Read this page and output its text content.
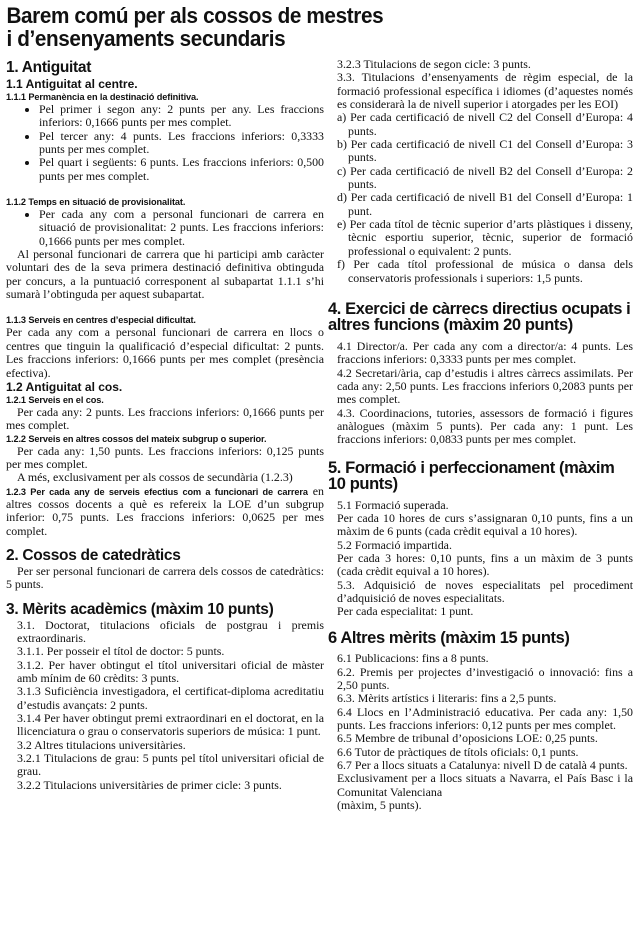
Barem comú per als cossos de mestres
i d’ensenyaments secundaris
1. Antiguitat
1.1 Antiguitat al centre.
1.1.1 Permanència en la destinació definitiva.
• Pel primer i segon any: 2 punts per any. Les fraccions inferiors: 0,1666 punts per mes complet.
• Pel tercer any: 4 punts. Les fraccions inferiors: 0,3333 punts per mes complet.
• Pel quart i següents: 6 punts. Les fraccions inferiors: 0,500 punts per mes complet.
1.1.2 Temps en situació de provisionalitat.
• Per cada any com a personal funcionari de carrera en situació de provisionalitat: 2 punts. Les fraccions inferiors: 0,1666 punts per mes complet.

Al personal funcionari de carrera que hi participi amb caràcter voluntari des de la seva primera destinació definitiva obtinguda per concurs, a la puntuació corresponent al subapartat 1.1.1 s’hi sumarà l’obtinguda per aquest subapartat.

1.1.3 Serveis en centres d’especial dificultat.

Per cada any com a personal funcionari de carrera en llocs o centres que tinguin la qualificació d’especial dificultat: 2 punts. Les fraccions inferiors: 0,1666 punts per mes complet (presència efectiva).

1.2 Antiguitat al cos.
1.2.1 Serveis en el cos.

Per cada any: 2 punts. Les fraccions inferiors: 0,1666 punts per mes complet.

1.2.2 Serveis en altres cossos del mateix subgrup o superior.

Per cada any: 1,50 punts. Les fraccions inferiors: 0,125 punts per mes complet.

A més, exclusivament per als cossos de secundària (1.2.3)

1.2.3 Per cada any de serveis efectius com a funcionari de carrera en altres cossos docents a què es refereix la LOE d’un subgrup inferior: 0,75 punts. Les fraccions inferiors: 0,0625 per mes complet.

2. Cossos de catedràtics

Per ser personal funcionari de carrera dels cossos de catedràtics: 5 punts.

3. Mèrits acadèmics (màxim 10 punts)

3.1. Doctorat, titulacions oficials de postgrau i premis extraordinaris.

3.1.1. Per posseir el títol de doctor: 5 punts.

3.1.2. Per haver obtingut el títol universitari oficial de màster amb mínim de 60 crèdits: 3 punts.

3.1.3 Suficiència investigadora, el certificat-diploma acreditatiu d’estudis avançats: 2 punts.

3.1.4 Per haver obtingut premi extraordinari en el doctorat, en la llicenciatura o grau o conservatoris superiors de música: 1 punt.

3.2 Altres titulacions universitàries.

3.2.1 Titulacions de grau: 5 punts pel títol universitari oficial de grau.

3.2.2 Titulacions universitàries de primer cicle: 3 punts.

3.2.3 Titulacions de segon cicle: 3 punts.

3.3. Titulacions d’ensenyaments de règim especial, de la formació professional específica i idiomes (d’aquestes només es considerarà la de nivell superior i atorgades per les EOI)

a) Per cada certificació de nivell C2 del Consell d’Europa: 4 punts.

b) Per cada certificació de nivell C1 del Consell d’Europa: 3 punts.

c) Per cada certificació de nivell B2 del Consell d’Europa: 2 punts.

d) Per cada certificació de nivell B1 del Consell d’Europa: 1 punt.

e) Per cada títol de tècnic superior d’arts plàstiques i disseny, tècnic esportiu superior, tècnic, superior de formació professional o equivalent: 2 punts.

f) Per cada títol professional de música o dansa dels conservatoris professionals i superiors: 1,5 punts.

4. Exercici de càrrecs directius ocupats i altres funcions (màxim 20 punts)

4.1 Director/a. Per cada any com a director/a: 4 punts. Les fraccions inferiors: 0,3333 punts per mes complet.

4.2 Secretari/ària, cap d’estudis i altres càrrecs assimilats. Per cada any: 2,50 punts. Les fraccions inferiors 0,2083 punts per mes complet.

4.3. Coordinacions, tutories, assessors de formació i figures anàlogues (màxim 5 punts). Per cada any: 1 punt. Les fraccions inferiors: 0,0833 punts per mes complet.

5. Formació i perfeccionament (màxim 10 punts)

5.1 Formació superada.

Per cada 10 hores de curs s’assignaran 0,10 punts, fins a un màxim de 6 punts (cada crèdit equival a 10 hores).

5.2 Formació impartida.

Per cada 3 hores: 0,10 punts, fins a un màxim de 3 punts (cada crèdit equival a 10 hores).

5.3. Adquisició de noves especialitats pel procediment d’adquisició de noves especialitats.

Per cada especialitat: 1 punt.

6 Altres mèrits (màxim 15 punts)

6.1 Publicacions: fins a 8 punts.

6.2. Premis per projectes d’investigació o innovació: fins a 2,50 punts.

6.3. Mèrits artístics i literaris: fins a 2,5 punts.

6.4 Llocs en l’Administració educativa. Per cada any: 1,50 punts. Les fraccions inferiors: 0,12 punts per mes complet.

6.5 Membre de tribunal d’oposicions LOE: 0,25 punts.

6.6 Tutor de pràctiques de títols oficials: 0,1 punts.

6.7 Per a llocs situats a Catalunya: nivell D de català 4 punts.

Exclusivament per a llocs situats a Navarra, el País Basc i la Comunitat Valenciana

(màxim, 5 punts).
